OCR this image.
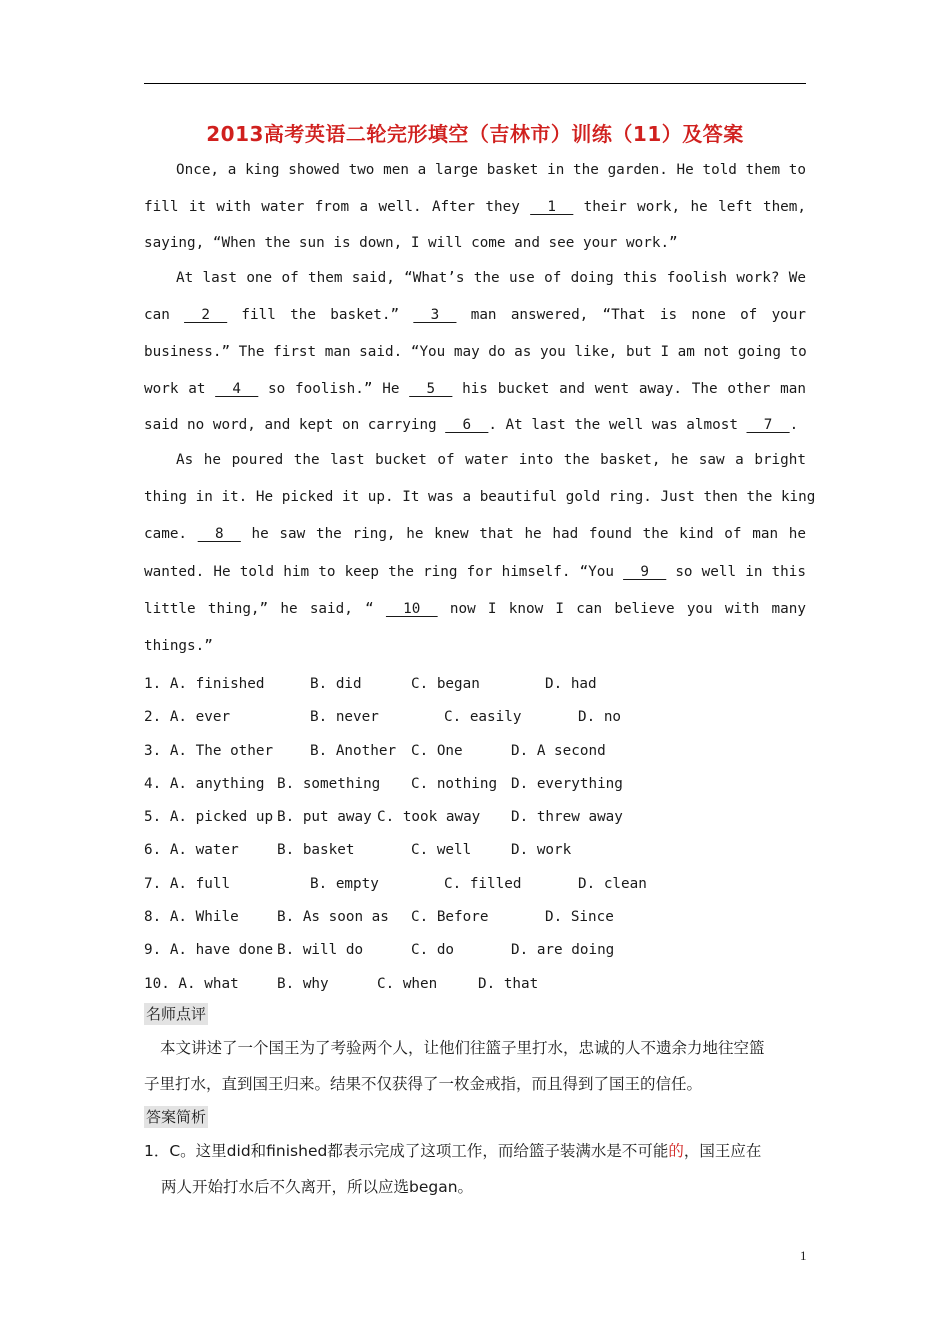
2013高考英语二轮完形填空（吉林市）训练（11）及答案
Once, a king showed two men a large basket in the garden. He told them to
fill it with water from a well. After they __1__ their work, he left them,
saying, “When the sun is down, I will come and see your work.”
At last one of them said, “What’s the use of doing this foolish work? We
can __2__ fill the basket.” __3__ man answered, “That is none of your
business.” The first man said. “You may do as you like, but I am not going to
work at __4__ so foolish.” He __5__ his bucket and went away. The other man
said no word, and kept on carrying __6__. At last the well was almost __7__.
As he poured the last bucket of water into the basket, he saw a bright
thing in it. He picked it up. It was a beautiful gold ring. Just then the king
came. __8__ he saw the ring, he knew that he had found the kind of man he
wanted. He told him to keep the ring for himself. “You __9__ so well in this
little thing,” he said, “ __10__ now I know I can believe you with many
things.”
1. A. finished	B. did	C. began	D. had
2. A. ever	B. never	C. easily	D. no
3. A. The other	B. Another C. One	D. A second
4. A. anything B. something C. nothing D. everything
5. A. picked up B. put away C. took away D. threw away
6. A. water	B. basket	C. well	D. work
7. A. full	B. empty	C. filled	D. clean
8. A. While	B. As soon as C. Before	D. Since
9. A. have done B. will do	C. do	D. are doing
10. A. what	B. why	C. when	D. that
名师点评
本文讲述了一个国王为了考验两个人，让他们往篮子里打水，忠诚的人不遗余力地往空篮
子里打水，直到国王归来。结果不仅获得了一枚金戒指，而且得到了国王的信任。
答案简析
1．C。这里did和finished都表示完成了这项工作，而给篮子装满水是不可能的，国王应在
两人开始打水后不久离开，所以应选began。
1
